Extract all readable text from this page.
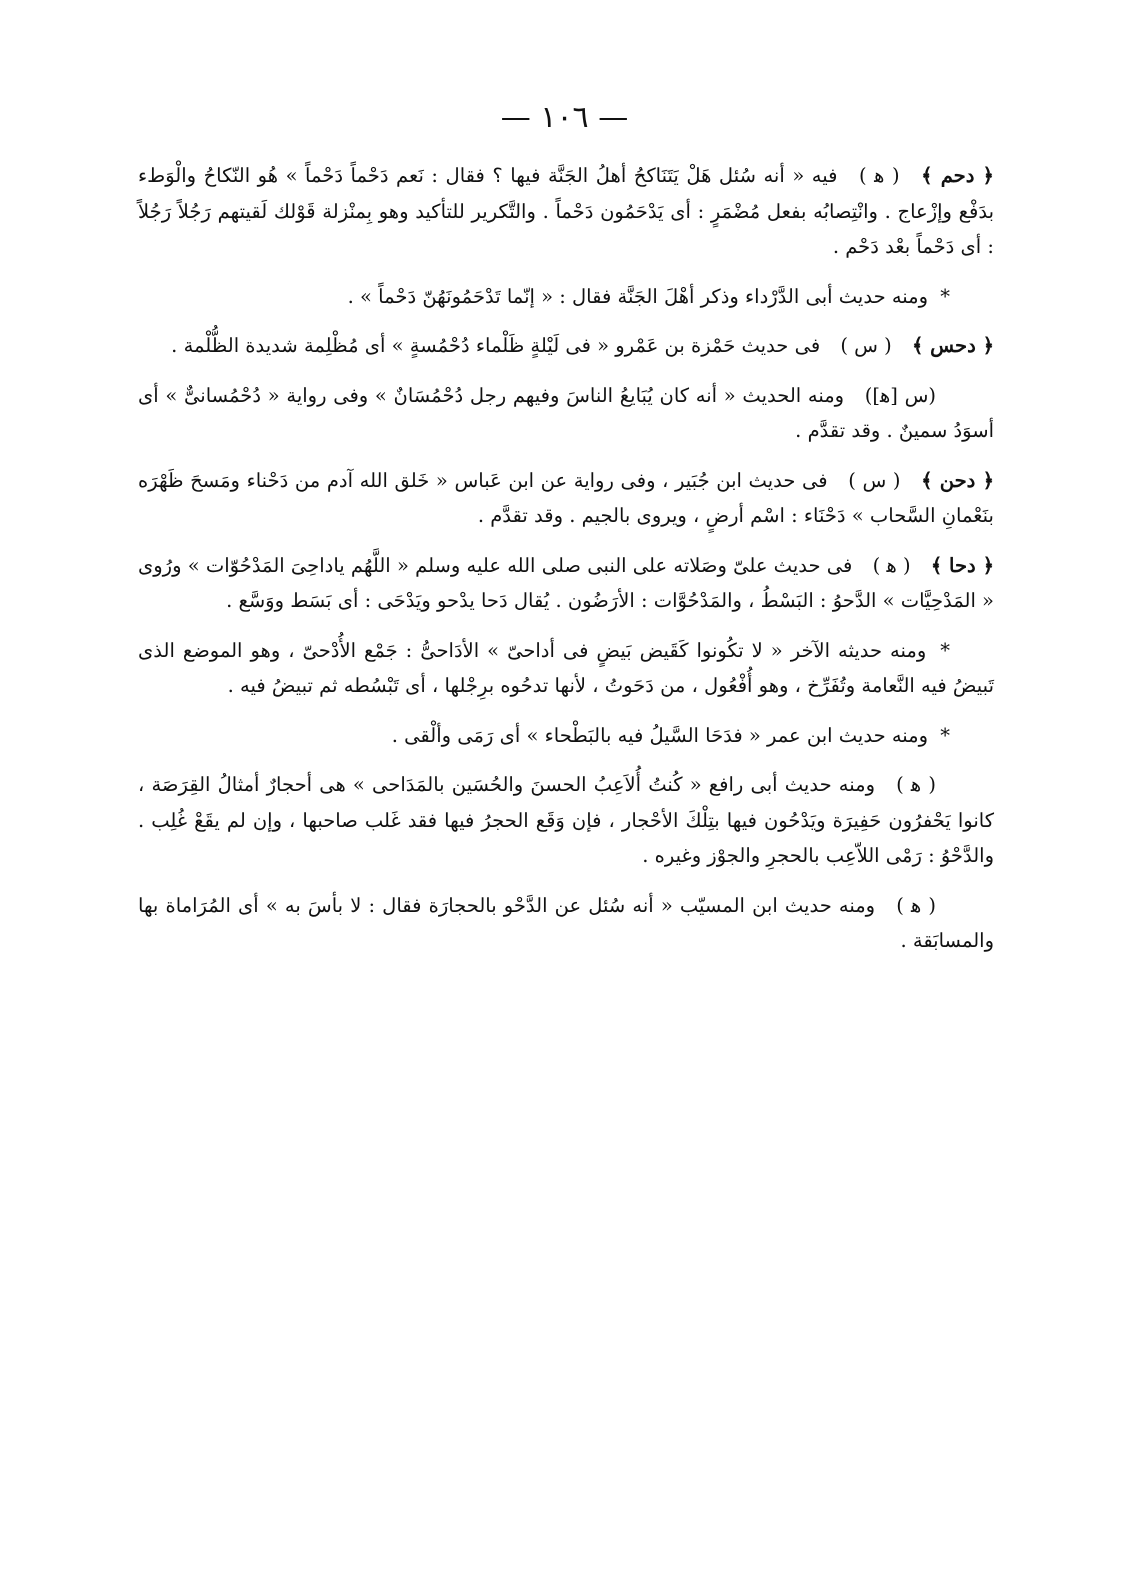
— ١٠٦ —

﴿ دحم ﴾ ( ﻫ ) فيه « أنه سُئل هَلْ يَتَنَاكحُ أهلُ الجَنَّة فيها ؟ فقال : نَعم دَحْماً دَحْماً » هُو النّكاحُ والْوَطء بدَفْع وإزْعاج . وانْتِصابُه بفعل مُضْمَرٍ : أى يَدْحَمُون دَحْماً . والتَّكرير للتأكيد وهو بِمنْزلة قَوْلك لَقيتهم رَجُلاً رَجُلاً : أى دَحْماً بعْد دَحْم .

* ومنه حديث أبى الدَّرْداء وذكر أهْلَ الجَنَّة فقال : « إنّما تَدْحَمُونَهُنّ دَحْماً » .

﴿ دحس ﴾ ( س ) فى حديث حَمْزة بن عَمْرو « فى لَيْلةٍ ظَلْماء دُحْمُسةٍ » أى مُظْلِمة شديدة الظُّلْمة .

(س [ﻫ]) ومنه الحديث « أنه كان يُبَايعُ الناسَ وفيهم رجل دُحْمُسَانٌ » وفى رواية « دُحْمُسانىٌّ » أى أسوَدُ سمينٌ . وقد تقدَّم .

﴿ دحن ﴾ ( س ) فى حديث ابن جُبَير ، وفى رواية عن ابن عَباس « خَلق الله آدم من دَحْناء ومَسحَ ظَهْرَه بنَعْمانِ السَّحاب » دَحْنَاء : اسْم أرضٍ ، ويروى بالجيم . وقد تقدَّم .

﴿ دحا ﴾ ( ﻫ ) فى حديث علىّ وصَلاته على النبى صلى الله عليه وسلم « اللَّهُم ياداحِىَ المَدْحُوّات » ورُوى « المَدْحِيَّات » الدَّحوُ : البَسْطُ ، والمَدْحُوَّات : الأرَضُون . يُقال دَحا يدْحو ويَدْحَى : أى بَسَط ووَسَّع .

* ومنه حديثه الآخر « لا تكُونوا كَقَيض بَيضٍ فى أداحىّ » الأدَاحىُّ : جَمْع الأُدْحىّ ، وهو الموضع الذى تَبيضُ فيه النَّعامة وتُفَرِّخ ، وهو أُفْعُول ، من دَحَوتُ ، لأنها تدحُوه برِجْلها ، أى تَبْسُطه ثم تبيضُ فيه .

* ومنه حديث ابن عمر « فدَحَا السَّيلُ فيه بالبَطْحاء » أى رَمَى وألْقى .

( ﻫ ) ومنه حديث أبى رافع « كُنتُ أُلاَعِبُ الحسنَ والحُسَين بالمَدَاحى » هى أحجارٌ أمثالُ القِرَصَة ، كانوا يَحْفرُون حَفِيرَة ويَدْحُون فيها بتِلْكَ الأحْجار ، فإن وَقَع الحجرُ فيها فقد غَلب صاحبها ، وإن لم يقَعْ غُلِب . والدَّحْوُ : رَمْى اللاّعِب بالحجرِ والجوْز وغيره .

( ﻫ ) ومنه حديث ابن المسيّب « أنه سُئل عن الدَّحْو بالحجارَة فقال : لا بأسَ به » أى المُرَاماة بها والمسابَقة .
